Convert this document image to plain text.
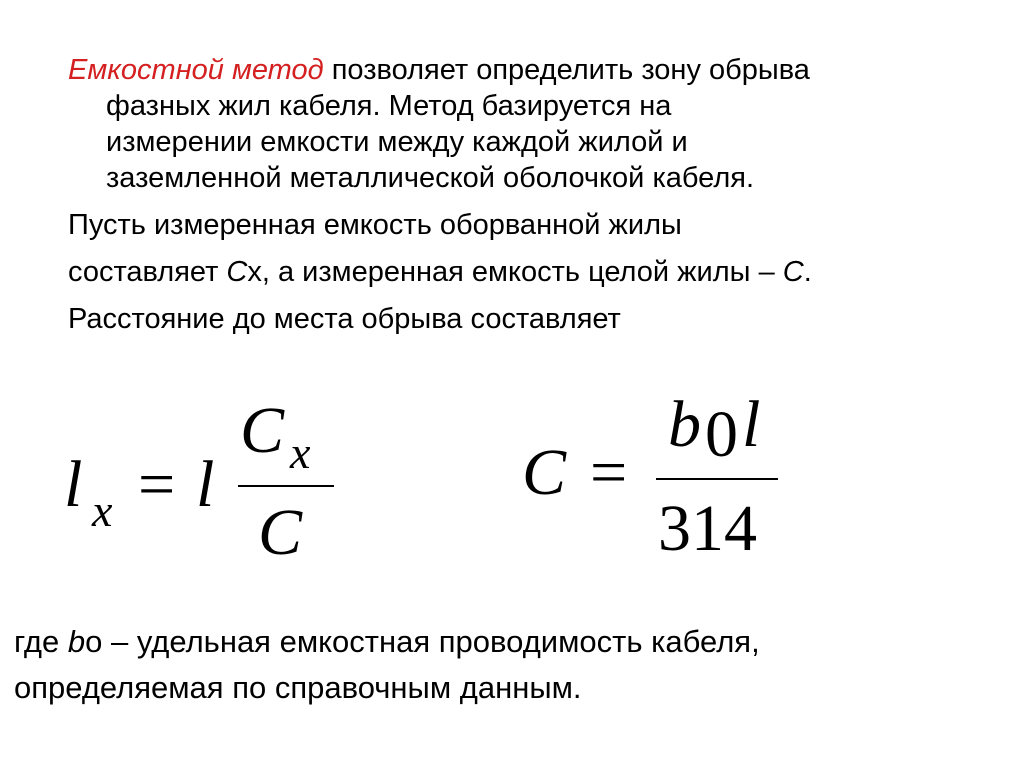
Емкостной метод позволяет определить зону обрыва
фазных жил кабеля. Метод базируется на
измерении емкости между каждой жилой и
заземленной металлической оболочкой кабеля.
Пусть измеренная емкость оборванной жилы
составляет Cx, а измеренная емкость целой жилы – C.
Расстояние до места обрыва составляет
l x = l
C x
C
C =
b 0 l
314
где bо – удельная емкостная проводимость кабеля,
определяемая по справочным данным.
